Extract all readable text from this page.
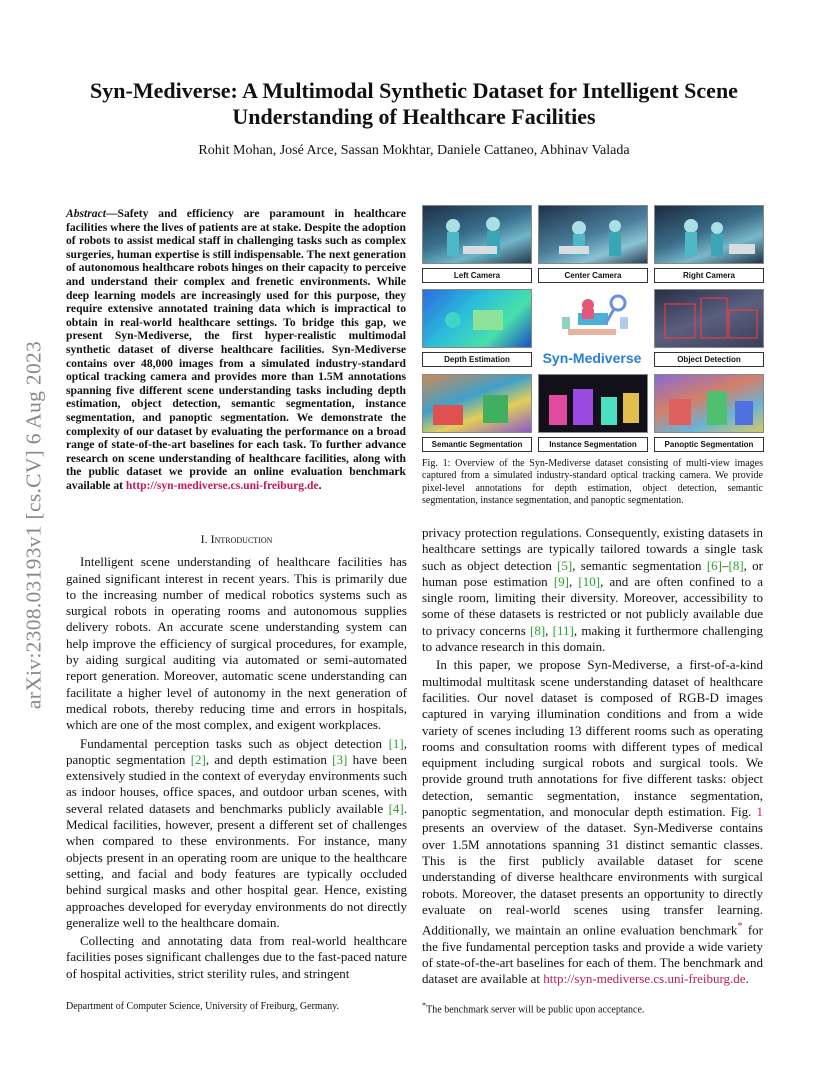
arXiv:2308.03193v1 [cs.CV] 6 Aug 2023
Syn-Mediverse: A Multimodal Synthetic Dataset for Intelligent Scene Understanding of Healthcare Facilities
Rohit Mohan, José Arce, Sassan Mokhtar, Daniele Cattaneo, Abhinav Valada
Abstract—Safety and efficiency are paramount in healthcare facilities where the lives of patients are at stake. Despite the adoption of robots to assist medical staff in challenging tasks such as complex surgeries, human expertise is still indispensable. The next generation of autonomous healthcare robots hinges on their capacity to perceive and understand their complex and frenetic environments. While deep learning models are increasingly used for this purpose, they require extensive annotated training data which is impractical to obtain in real-world healthcare settings. To bridge this gap, we present Syn-Mediverse, the first hyper-realistic multimodal synthetic dataset of diverse healthcare facilities. Syn-Mediverse contains over 48,000 images from a simulated industry-standard optical tracking camera and provides more than 1.5M annotations spanning five different scene understanding tasks including depth estimation, object detection, semantic segmentation, instance segmentation, and panoptic segmentation. We demonstrate the complexity of our dataset by evaluating the performance on a broad range of state-of-the-art baselines for each task. To further advance research on scene understanding of healthcare facilities, along with the public dataset we provide an online evaluation benchmark available at http://syn-mediverse.cs.uni-freiburg.de.
Left Camera	Center Camera	Right Camera
Syn-Mediverse
Depth Estimation	Object Detection
Semantic Segmentation	Instance Segmentation	Panoptic Segmentation
Fig. 1: Overview of the Syn-Mediverse dataset consisting of multi-view images captured from a simulated industry-standard optical tracking camera. We provide pixel-level annotations for depth estimation, object detection, semantic segmentation, instance segmentation, and panoptic segmentation.
I. Introduction

Intelligent scene understanding of healthcare facilities has gained significant interest in recent years. This is primarily due to the increasing number of medical robotics systems such as surgical robots in operating rooms and autonomous supplies delivery robots. An accurate scene understanding system can help improve the efficiency of surgical procedures, for example, by aiding surgical auditing via automated or semi-automated report generation. Moreover, automatic scene understanding can facilitate a higher level of autonomy in the next generation of medical robots, thereby reducing time and errors in hospitals, which are one of the most complex, and exigent workplaces.

Fundamental perception tasks such as object detection [1], panoptic segmentation [2], and depth estimation [3] have been extensively studied in the context of everyday environments such as indoor houses, office spaces, and outdoor urban scenes, with several related datasets and benchmarks publicly available [4]. Medical facilities, however, present a different set of challenges when compared to these environments. For instance, many objects present in an operating room are unique to the healthcare setting, and facial and body features are typically occluded behind surgical masks and other hospital gear. Hence, existing approaches developed for everyday environments do not directly generalize well to the healthcare domain.

Collecting and annotating data from real-world healthcare facilities poses significant challenges due to the fast-paced nature of hospital activities, strict sterility rules, and stringent

privacy protection regulations. Consequently, existing datasets in healthcare settings are typically tailored towards a single task such as object detection [5], semantic segmentation [6]–[8], or human pose estimation [9], [10], and are often confined to a single room, limiting their diversity. Moreover, accessibility to some of these datasets is restricted or not publicly available due to privacy concerns [8], [11], making it furthermore challenging to advance research in this domain.

In this paper, we propose Syn-Mediverse, a first-of-a-kind multimodal multitask scene understanding dataset of healthcare facilities. Our novel dataset is composed of RGB-D images captured in varying illumination conditions and from a wide variety of scenes including 13 different rooms such as operating rooms and consultation rooms with different types of medical equipment including surgical robots and surgical tools. We provide ground truth annotations for five different tasks: object detection, semantic segmentation, instance segmentation, panoptic segmentation, and monocular depth estimation. Fig. 1 presents an overview of the dataset. Syn-Mediverse contains over 1.5M annotations spanning 31 distinct semantic classes. This is the first publicly available dataset for scene understanding of diverse healthcare environments with surgical robots. Moreover, the dataset presents an opportunity to directly evaluate on real-world scenes using transfer learning. Additionally, we maintain an online evaluation benchmark* for the five fundamental perception tasks and provide a wide variety of state-of-the-art baselines for each of them. The benchmark and dataset are available at http://syn-mediverse.cs.uni-freiburg.de.

Department of Computer Science, University of Freiburg, Germany.	*The benchmark server will be public upon acceptance.
